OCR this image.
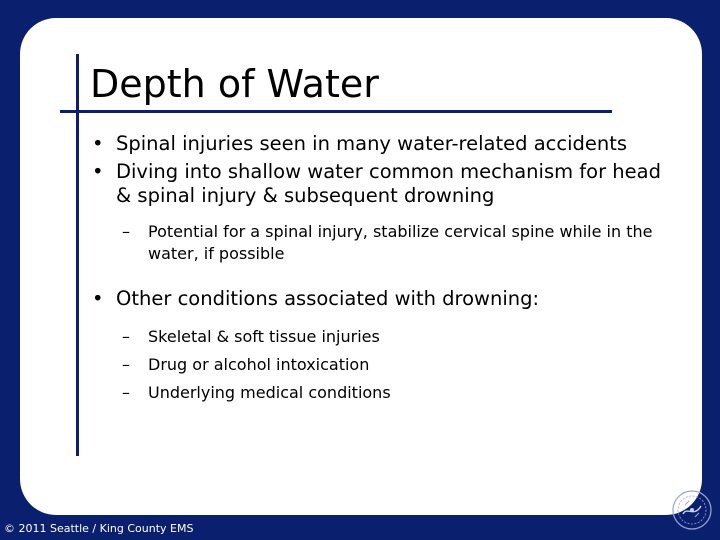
Depth of Water
• Spinal injuries seen in many water-related accidents
• Diving into shallow water common mechanism for head & spinal injury & subsequent drowning
– Potential for a spinal injury, stabilize cervical spine while in the water, if possible
• Other conditions associated with drowning:
– Skeletal & soft tissue injuries
– Drug or alcohol intoxication
– Underlying medical conditions
© 2011 Seattle / King County EMS
